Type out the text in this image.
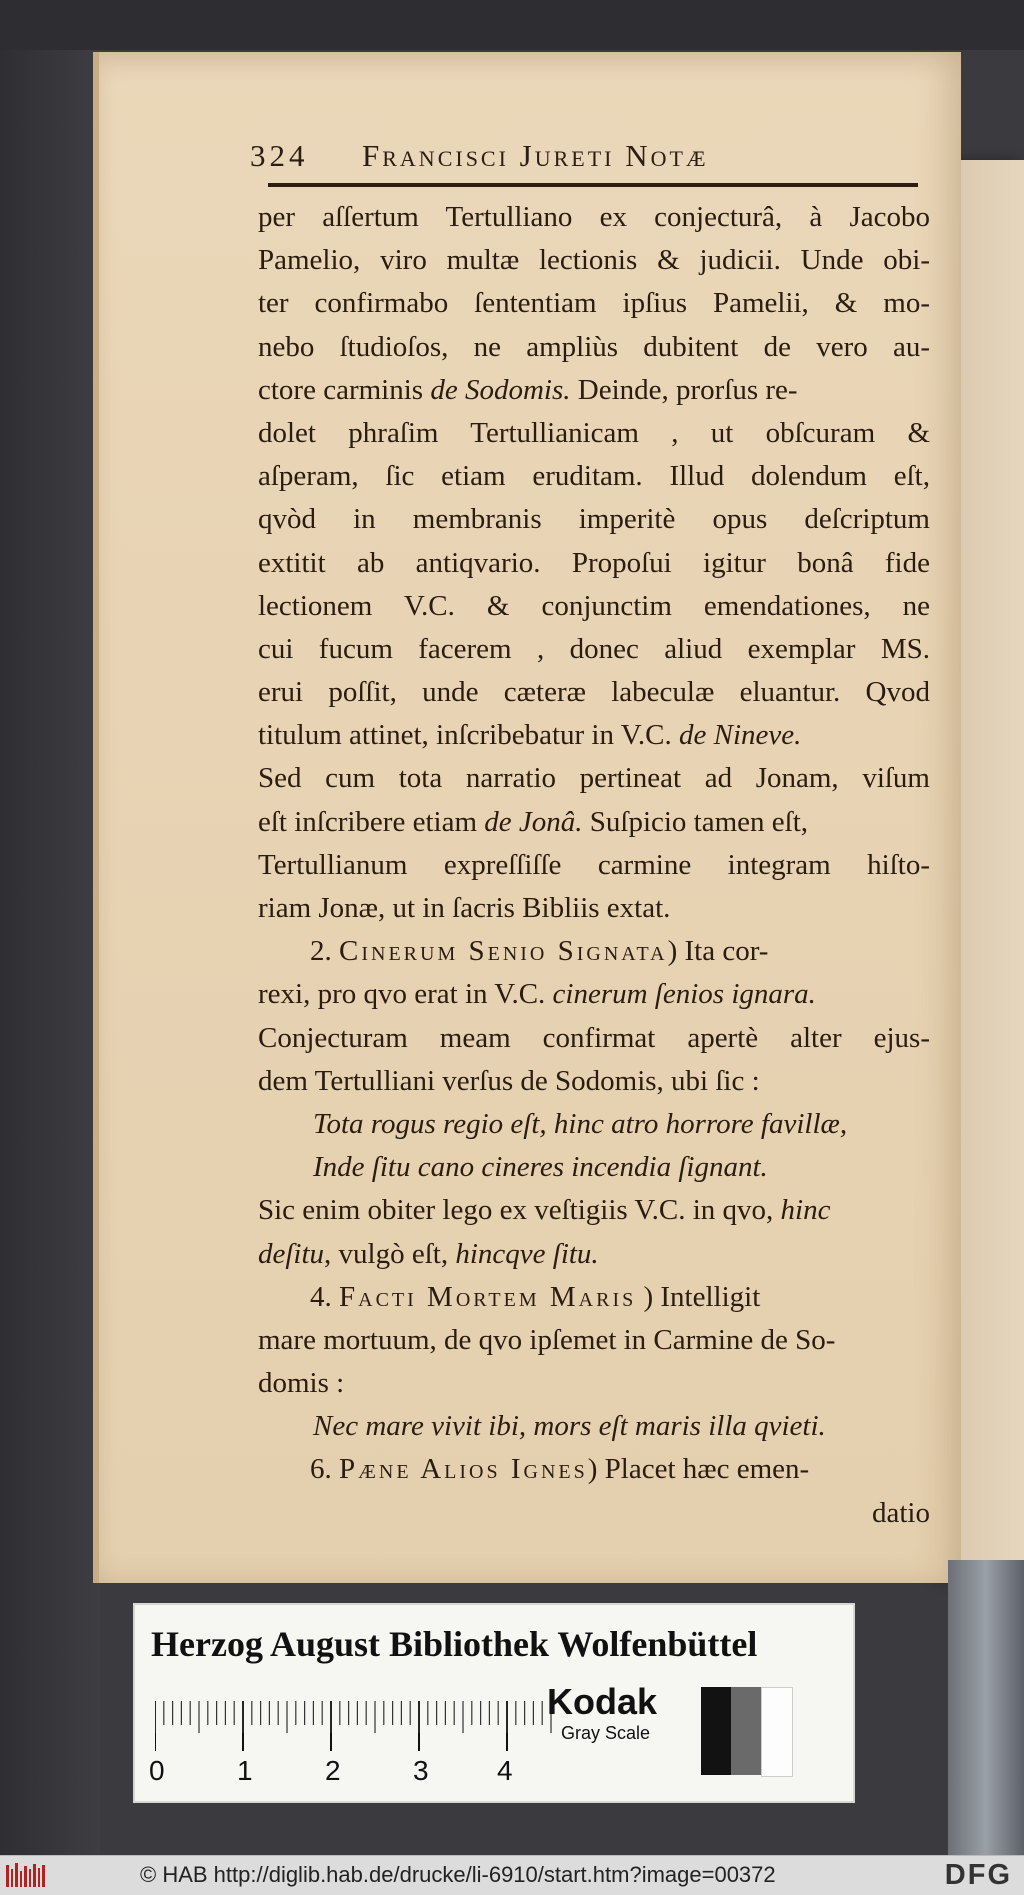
324 Francisci Jureti Notæ
per aſſertum Tertulliano ex conjecturâ, à Jacobo
Pamelio, viro multæ lectionis & judicii. Unde obi-
ter confirmabo ſententiam ipſius Pamelii, & mo-
nebo ſtudioſos, ne ampliùs dubitent de vero au-
ctore carminis de Sodomis. Deinde, prorſus re-
dolet phraſim Tertullianicam , ut obſcuram &
aſperam, ſic etiam eruditam. Illud dolendum eſt,
qvòd in membranis imperitè opus deſcriptum
extitit ab antiqvario. Propoſui igitur bonâ fide
lectionem V.C. & conjunctim emendationes, ne
cui fucum facerem , donec aliud exemplar MS.
erui poſſit, unde cæteræ labeculæ eluantur. Qvod
titulum attinet, inſcribebatur in V.C. de Nineve.
Sed cum tota narratio pertineat ad Jonam, viſum
eſt inſcribere etiam de Jonâ. Suſpicio tamen eſt,
Tertullianum expreſſiſſe carmine integram hiſto-
riam Jonæ, ut in ſacris Bibliis extat.
2. Cinerum Senio Signata) Ita cor-
rexi, pro qvo erat in V.C. cinerum ſenios ignara.
Conjecturam meam confirmat apertè alter ejus-
dem Tertulliani verſus de Sodomis, ubi ſic :
Tota rogus regio eſt, hinc atro horrore favillæ,
Inde ſitu cano cineres incendia ſignant.
Sic enim obiter lego ex veſtigiis V.C. in qvo, hinc
deſitu, vulgò eſt, hincqve ſitu.
4. Facti Mortem Maris ) Intelligit
mare mortuum, de qvo ipſemet in Carmine de So-
domis :
Nec mare vivit ibi, mors eſt maris illa qvieti.
6. Pæne Alios Ignes) Placet hæc emen-
datio
Herzog August Bibliothek Wolfenbüttel
0	1	2	3 4
Kodak
Gray Scale
© HAB http://diglib.hab.de/drucke/li-6910/start.htm?image=00372	DFG
